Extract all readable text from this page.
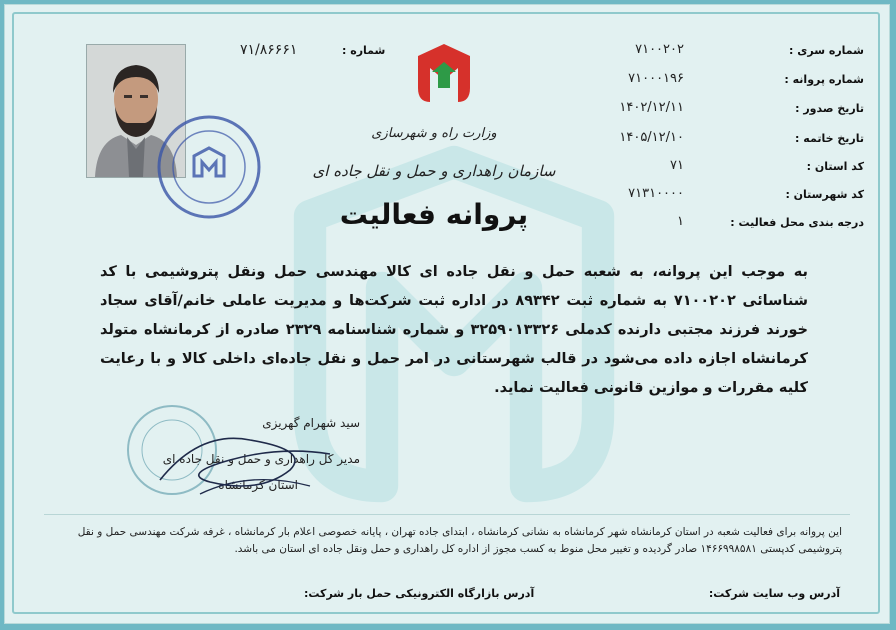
وزارت راه و شهرسازی
سازمان راهداری و حمل و نقل جاده ای
پروانه فعالیت
شماره :
۷۱/۸۶۶۶۱	شماره سری :
۷۱۰۰۲۰۲
شماره پروانه :
۷۱۰۰۰۱۹۶
تاریخ صدور :
۱۴۰۲/۱۲/۱۱
تاریخ خاتمه :
۱۴۰۵/۱۲/۱۰
کد استان :
۷۱
کد شهرستان :
۷۱۳۱۰۰۰۰
درجه بندی محل فعالیت :
۱
به موجب این پروانه، به شعبه حمل و نقل جاده ای کالا مهندسی حمل ونقل پتروشیمی با کد شناسائی ۷۱۰۰۲۰۲ به شماره ثبت ۸۹۳۴۲ در اداره ثبت شرکت‌ها و مدیریت عاملی خانم/آقای سجاد خورند فرزند مجتبی دارنده کدملی ۳۲۵۹۰۱۳۳۲۶ و شماره شناسنامه ۲۳۲۹ صادره از کرمانشاه متولد کرمانشاه اجازه داده می‌شود در قالب شهرستانی در امر حمل و نقل جاده‌ای داخلی کالا و با رعایت کلیه مقررات و موازین قانونی فعالیت نماید.
سید شهرام گهریزی
مدیر کل راهداری و حمل و نقل جاده ای
استان کرمانشاه
این پروانه برای فعالیت شعبه در استان کرمانشاه شهر کرمانشاه به نشانی کرمانشاه ، ابتدای جاده تهران ، پایانه خصوصی اعلام بار کرمانشاه ، غرفه شرکت مهندسی حمل و نقل پتروشیمی کدپستی ۱۴۶۶۹۹۸۵۸۱ صادر گردیده و تغییر محل منوط به کسب مجوز از اداره کل راهداری و حمل ونقل جاده ای استان می باشد.
آدرس وب سایت شرکت:
آدرس بازارگاه الکترونیکی حمل بار شرکت:
